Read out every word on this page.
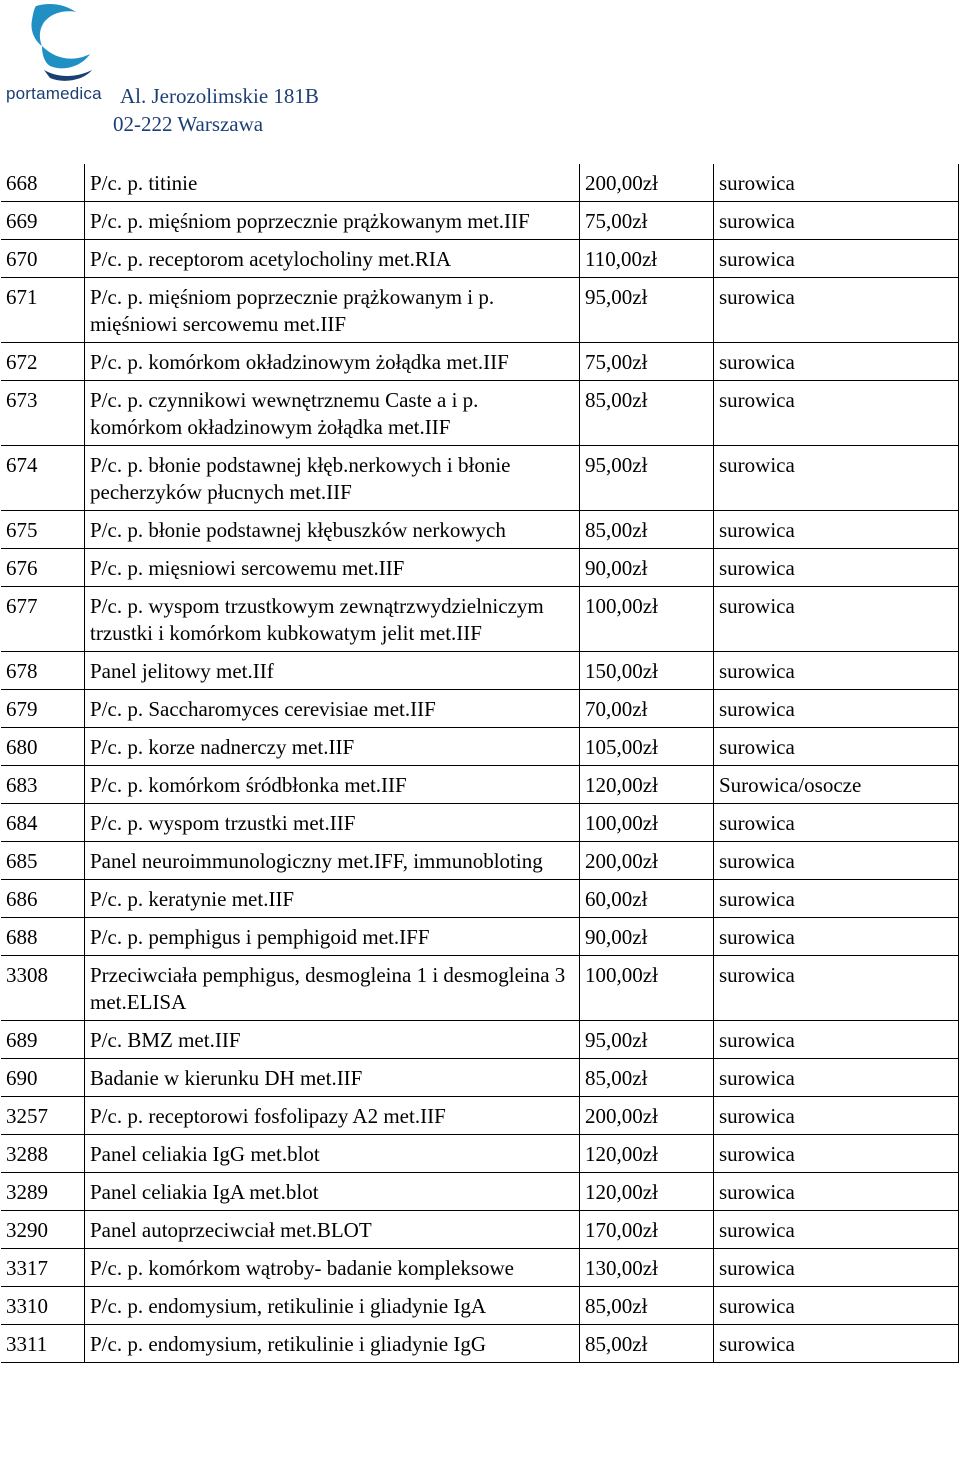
portamedica Al. Jerozolimskie 181B
02-222 Warszawa
668	P/c. p. titinie	200,00zł	surowica
669	P/c. p. mięśniom poprzecznie prążkowanym met.IIF	75,00zł	surowica
670	P/c. p. receptorom acetylocholiny met.RIA	110,00zł	surowica
671	P/c. p. mięśniom poprzecznie prążkowanym i p. mięśniowi sercowemu met.IIF	95,00zł	surowica
672	P/c. p. komórkom okładzinowym żołądka met.IIF	75,00zł	surowica
673	P/c. p. czynnikowi wewnętrznemu Caste a i p. komórkom okładzinowym żołądka met.IIF	85,00zł	surowica
674	P/c. p. błonie podstawnej kłęb.nerkowych i błonie pecherzyków płucnych met.IIF	95,00zł	surowica
675	P/c. p. błonie podstawnej kłębuszków nerkowych	85,00zł	surowica
676	P/c. p. mięsniowi sercowemu met.IIF	90,00zł	surowica
677	P/c. p. wyspom trzustkowym zewnątrzwydzielniczym trzustki i komórkom kubkowatym jelit met.IIF	100,00zł	surowica
678	Panel jelitowy met.IIf	150,00zł	surowica
679	P/c. p. Saccharomyces cerevisiae met.IIF	70,00zł	surowica
680	P/c. p. korze nadnerczy met.IIF	105,00zł	surowica
683	P/c. p. komórkom śródbłonka met.IIF	120,00zł	Surowica/osocze
684	P/c. p. wyspom trzustki met.IIF	100,00zł	surowica
685	Panel neuroimmunologiczny met.IFF, immunobloting	200,00zł	surowica
686	P/c. p. keratynie met.IIF	60,00zł	surowica
688	P/c. p. pemphigus i pemphigoid met.IFF	90,00zł	surowica
3308	Przeciwciała pemphigus, desmogleina 1 i desmogleina 3 met.ELISA	100,00zł	surowica
689	P/c. BMZ met.IIF	95,00zł	surowica
690	Badanie w kierunku DH met.IIF	85,00zł	surowica
3257	P/c. p. receptorowi fosfolipazy A2 met.IIF	200,00zł	surowica
3288	Panel celiakia IgG met.blot	120,00zł	surowica
3289	Panel celiakia IgA met.blot	120,00zł	surowica
3290	Panel autoprzeciwciał met.BLOT	170,00zł	surowica
3317	P/c. p. komórkom wątroby- badanie kompleksowe	130,00zł	surowica
3310	P/c. p. endomysium, retikulinie i gliadynie IgA	85,00zł	surowica
3311	P/c. p. endomysium, retikulinie i gliadynie IgG	85,00zł	surowica
